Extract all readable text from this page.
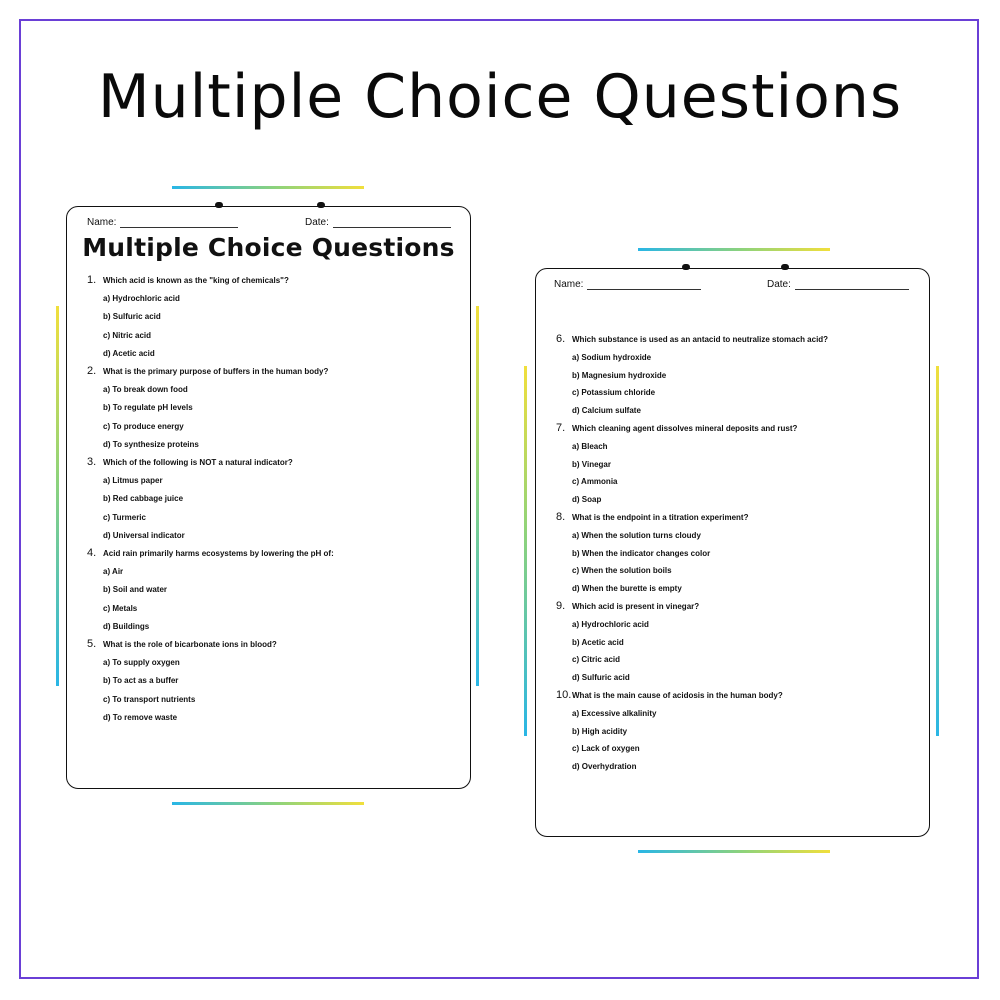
Multiple Choice Questions
Name:	Date:
Multiple Choice Questions
1. Which acid is known as the "king of chemicals"?
a) Hydrochloric acid
b) Sulfuric acid
c) Nitric acid
d) Acetic acid
2. What is the primary purpose of buffers in the human body?
a) To break down food
b) To regulate pH levels
c) To produce energy
d) To synthesize proteins
3. Which of the following is NOT a natural indicator?
a) Litmus paper
b) Red cabbage juice
c) Turmeric
d) Universal indicator
4. Acid rain primarily harms ecosystems by lowering the pH of:
a) Air
b) Soil and water
c) Metals
d) Buildings
5. What is the role of bicarbonate ions in blood?
a) To supply oxygen
b) To act as a buffer
c) To transport nutrients
d) To remove waste
Name:	Date:
6. Which substance is used as an antacid to neutralize stomach acid?
a) Sodium hydroxide
b) Magnesium hydroxide
c) Potassium chloride
d) Calcium sulfate
7. Which cleaning agent dissolves mineral deposits and rust?
a) Bleach
b) Vinegar
c) Ammonia
d) Soap
8. What is the endpoint in a titration experiment?
a) When the solution turns cloudy
b) When the indicator changes color
c) When the solution boils
d) When the burette is empty
9. Which acid is present in vinegar?
a) Hydrochloric acid
b) Acetic acid
c) Citric acid
d) Sulfuric acid
10. What is the main cause of acidosis in the human body?
a) Excessive alkalinity
b) High acidity
c) Lack of oxygen
d) Overhydration
